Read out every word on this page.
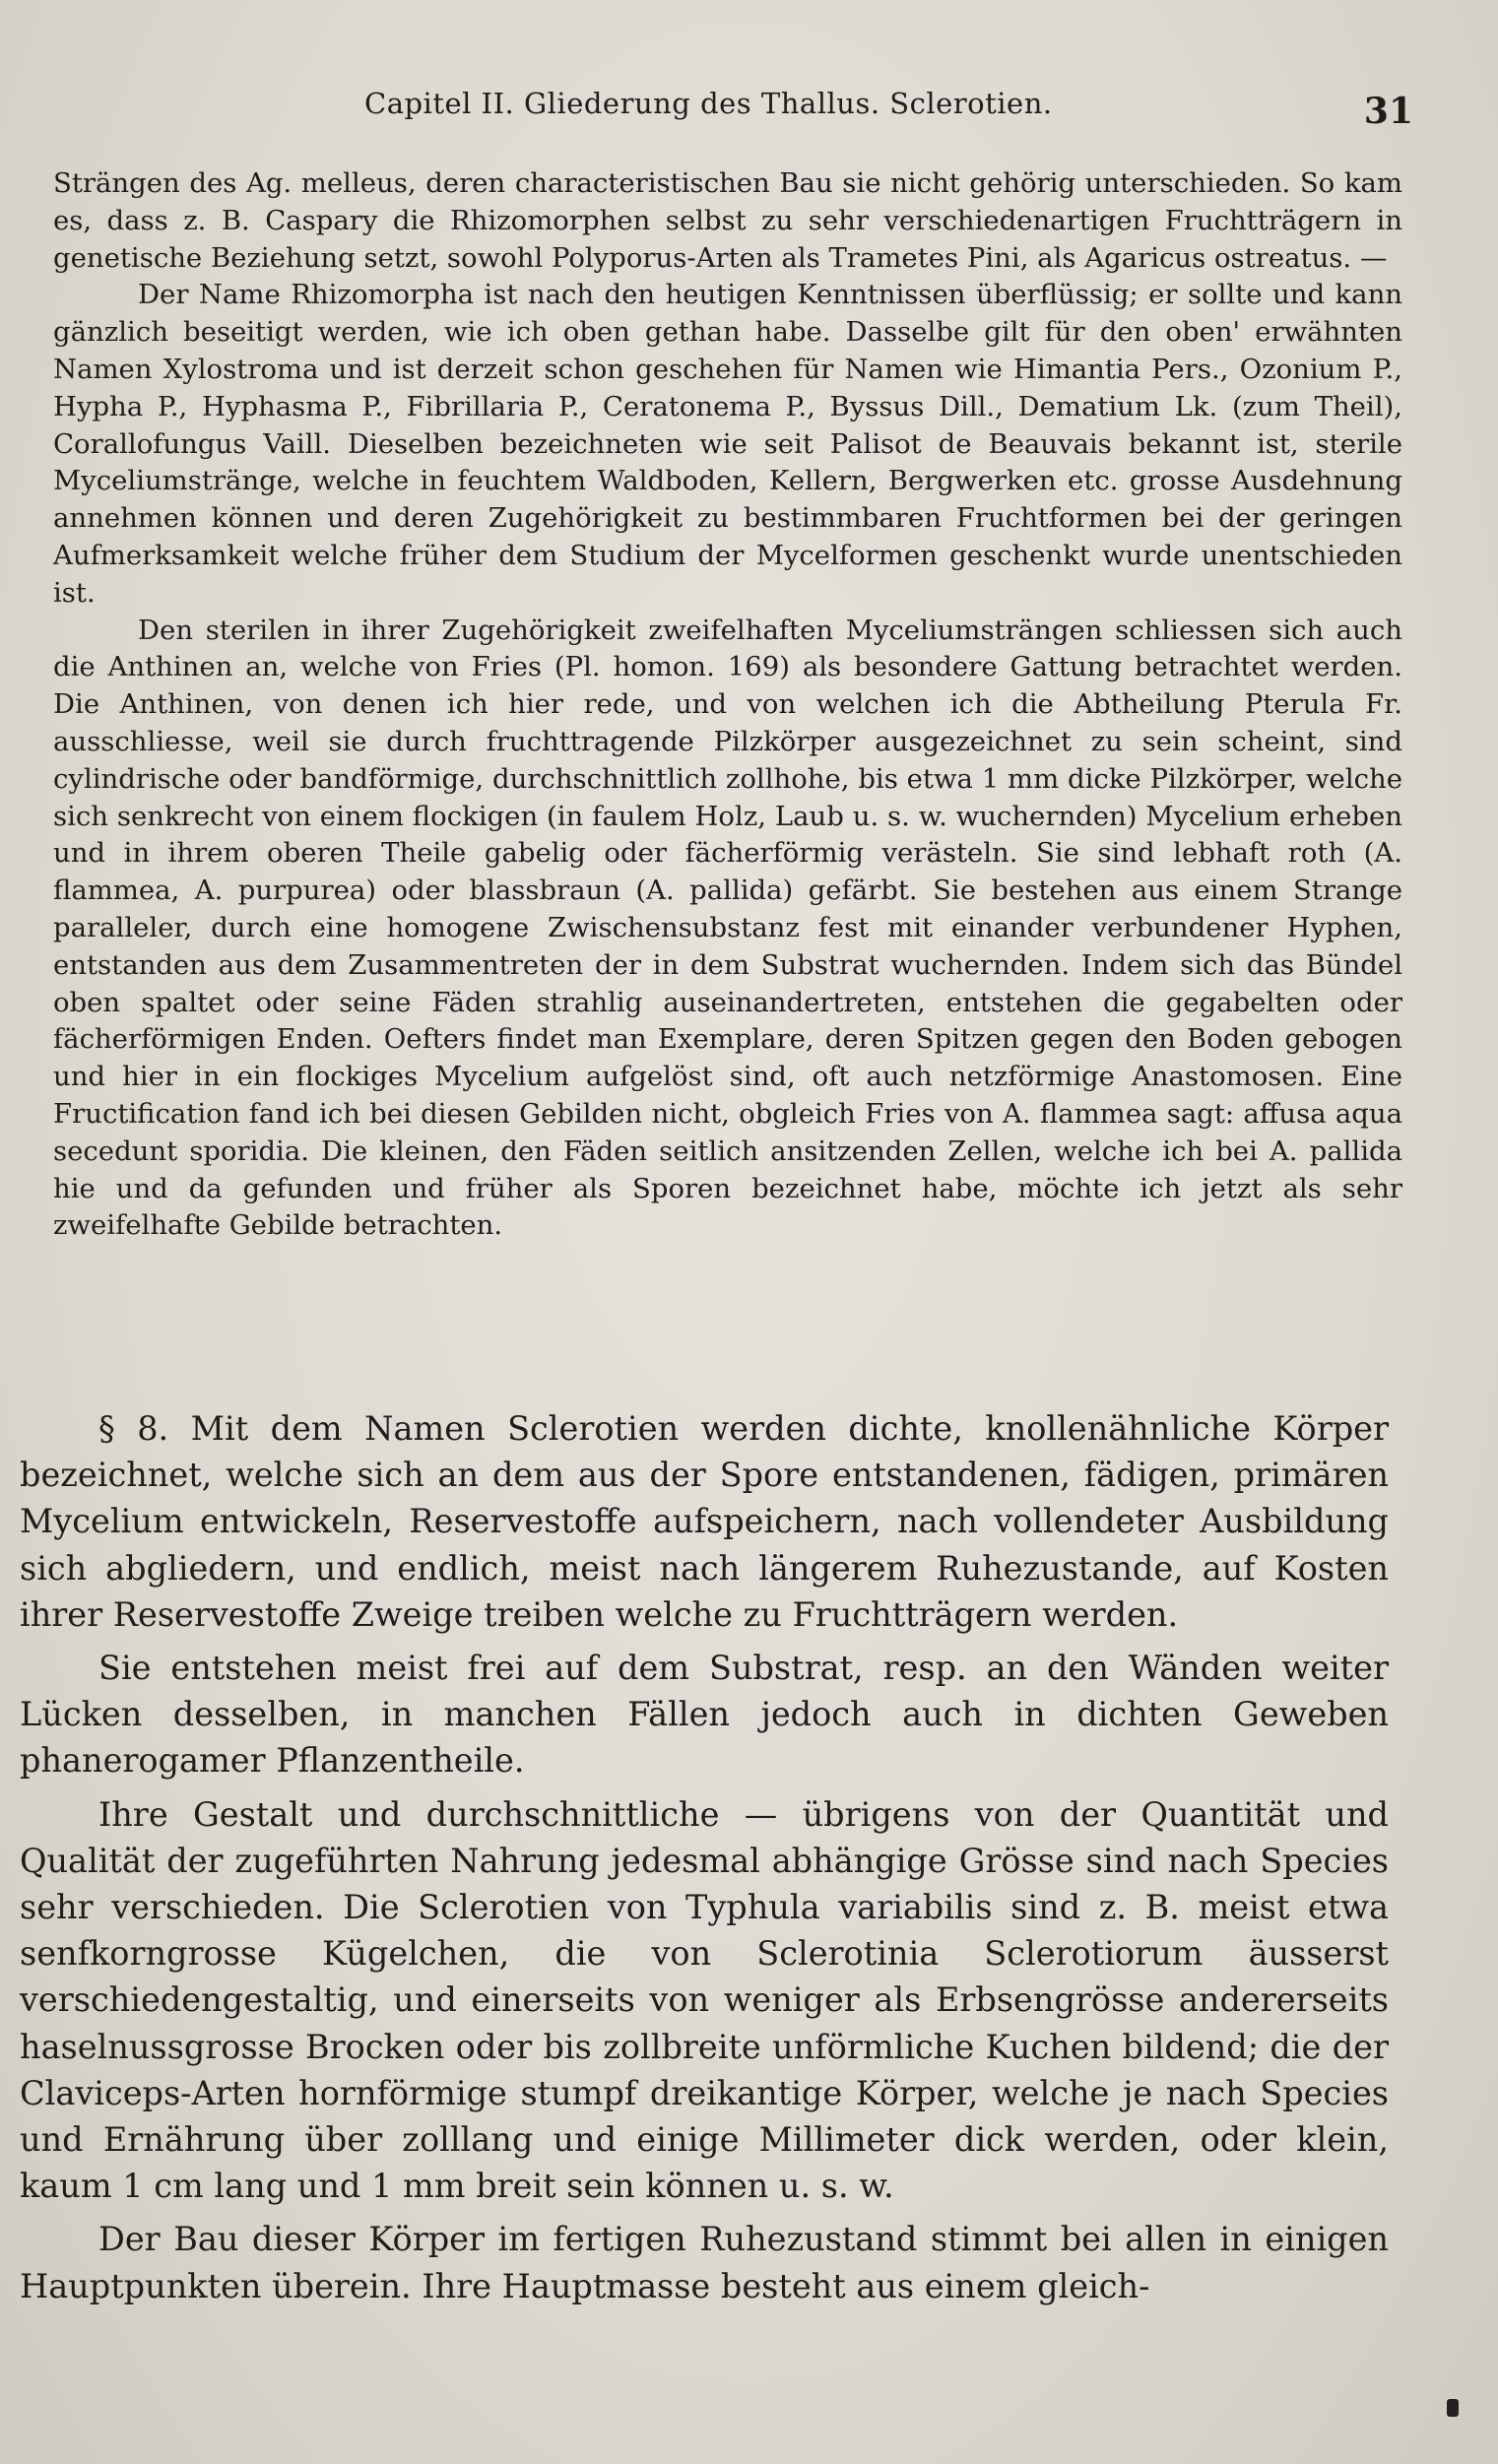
Capitel II. Gliederung des Thallus. Sclerotien.	31

Strängen des Ag. melleus, deren characteristischen Bau sie nicht gehörig unterschieden. So kam es, dass z. B. Caspary die Rhizomorphen selbst zu sehr verschiedenartigen Fruchtträgern in genetische Beziehung setzt, sowohl Polyporus-Arten als Trametes Pini, als Agaricus ostreatus. —

Der Name Rhizomorpha ist nach den heutigen Kenntnissen überflüssig; er sollte und kann gänzlich beseitigt werden, wie ich oben gethan habe. Dasselbe gilt für den oben' erwähnten Namen Xylostroma und ist derzeit schon geschehen für Namen wie Himantia Pers., Ozonium P., Hypha P., Hyphasma P., Fibrillaria P., Ceratonema P., Byssus Dill., Dematium Lk. (zum Theil), Corallofungus Vaill. Dieselben bezeichneten wie seit Palisot de Beauvais bekannt ist, sterile Myceliumstränge, welche in feuchtem Waldboden, Kellern, Bergwerken etc. grosse Ausdehnung annehmen können und deren Zugehörigkeit zu bestimmbaren Fruchtformen bei der geringen Aufmerksamkeit welche früher dem Studium der Mycelformen geschenkt wurde unentschieden ist.

Den sterilen in ihrer Zugehörigkeit zweifelhaften Myceliumsträngen schliessen sich auch die Anthinen an, welche von Fries (Pl. homon. 169) als besondere Gattung betrachtet werden. Die Anthinen, von denen ich hier rede, und von welchen ich die Abtheilung Pterula Fr. ausschliesse, weil sie durch fruchttragende Pilzkörper ausgezeichnet zu sein scheint, sind cylindrische oder bandförmige, durchschnittlich zollhohe, bis etwa 1 mm dicke Pilzkörper, welche sich senkrecht von einem flockigen (in faulem Holz, Laub u. s. w. wuchernden) Mycelium erheben und in ihrem oberen Theile gabelig oder fächerförmig verästeln. Sie sind lebhaft roth (A. flammea, A. purpurea) oder blassbraun (A. pallida) gefärbt. Sie bestehen aus einem Strange paralleler, durch eine homogene Zwischensubstanz fest mit einander verbundener Hyphen, entstanden aus dem Zusammentreten der in dem Substrat wuchernden. Indem sich das Bündel oben spaltet oder seine Fäden strahlig auseinandertreten, entstehen die gegabelten oder fächerförmigen Enden. Oefters findet man Exemplare, deren Spitzen gegen den Boden gebogen und hier in ein flockiges Mycelium aufgelöst sind, oft auch netzförmige Anastomosen. Eine Fructification fand ich bei diesen Gebilden nicht, obgleich Fries von A. flammea sagt: affusa aqua secedunt sporidia. Die kleinen, den Fäden seitlich ansitzenden Zellen, welche ich bei A. pallida hie und da gefunden und früher als Sporen bezeichnet habe, möchte ich jetzt als sehr zweifelhafte Gebilde betrachten.

§ 8. Mit dem Namen Sclerotien werden dichte, knollenähnliche Körper bezeichnet, welche sich an dem aus der Spore entstandenen, fädigen, primären Mycelium entwickeln, Reservestoffe aufspeichern, nach vollendeter Ausbildung sich abgliedern, und endlich, meist nach längerem Ruhezustande, auf Kosten ihrer Reservestoffe Zweige treiben welche zu Fruchtträgern werden.

Sie entstehen meist frei auf dem Substrat, resp. an den Wänden weiter Lücken desselben, in manchen Fällen jedoch auch in dichten Geweben phanerogamer Pflanzentheile.

Ihre Gestalt und durchschnittliche — übrigens von der Quantität und Qualität der zugeführten Nahrung jedesmal abhängige Grösse sind nach Species sehr verschieden. Die Sclerotien von Typhula variabilis sind z. B. meist etwa senfkorngrosse Kügelchen, die von Sclerotinia Sclerotiorum äusserst verschiedengestaltig, und einerseits von weniger als Erbsengrösse andererseits haselnussgrosse Brocken oder bis zollbreite unförmliche Kuchen bildend; die der Claviceps-Arten hornförmige stumpf dreikantige Körper, welche je nach Species und Ernährung über zolllang und einige Millimeter dick werden, oder klein, kaum 1 cm lang und 1 mm breit sein können u. s. w.

Der Bau dieser Körper im fertigen Ruhezustand stimmt bei allen in einigen Hauptpunkten überein. Ihre Hauptmasse besteht aus einem gleich-
